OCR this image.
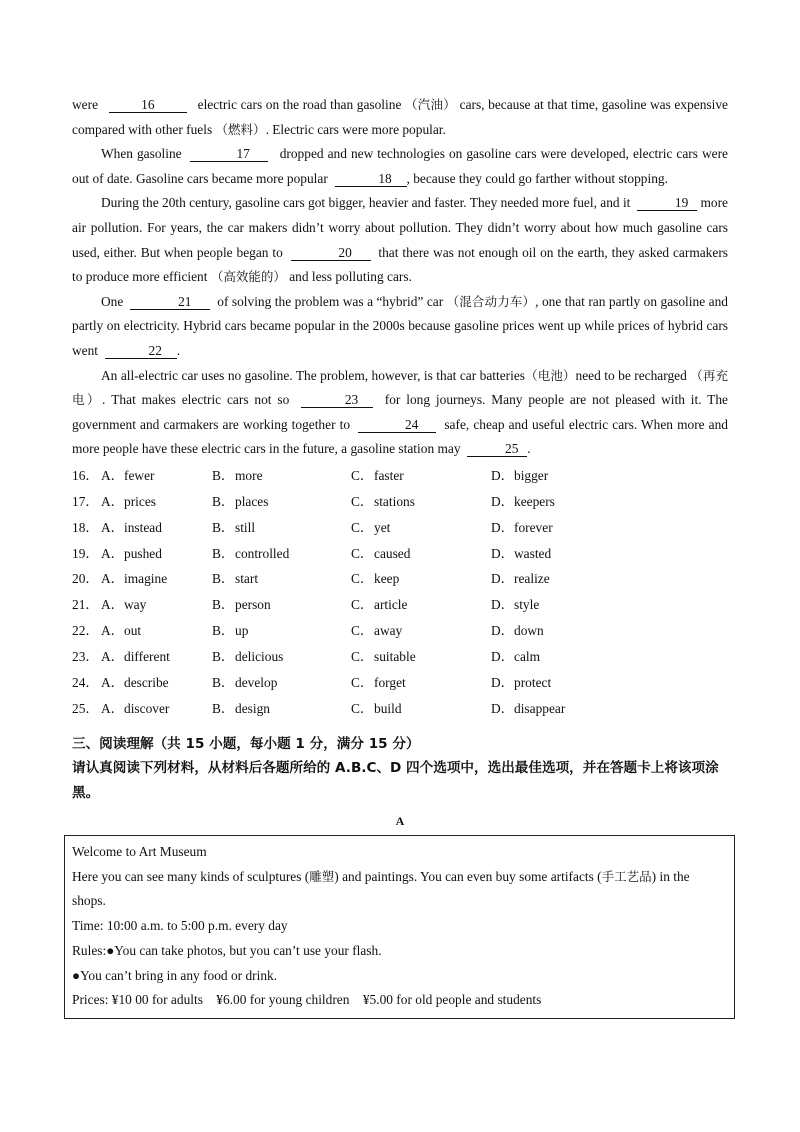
were	16	electric cars on the road than gasoline （汽油） cars, because at that time, gasoline was expensive compared with other fuels （燃料）. Electric cars were more popular.

When gasoline	17 dropped and new technologies on gasoline cars were developed, electric cars were out of date. Gasoline cars became more popular	18 , because they could go farther without stopping.

During the 20th century, gasoline cars got bigger, heavier and faster. They needed more fuel, and it	19 more air pollution. For years, the car makers didn’t worry about pollution. They didn’t worry about how much gasoline cars used, either. But when people began to	20 that there was not enough oil on the earth, they asked carmakers to produce more efficient （高效能的） and less polluting cars.

One	21 of solving the problem was a “hybrid” car （混合动力车）, one that ran partly on gasoline and partly on electricity. Hybrid cars became popular in the 2000s because gasoline prices went up while prices of hybrid cars went	22 .

An all-electric car uses no gasoline. The problem, however, is that car batteries（电池）need to be recharged （再充电）. That makes electric cars not so	23 for long journeys. Many people are not pleased with it. The government and carmakers are working together to	24 safe, cheap and useful electric cars. When more and more people have these electric cars in the future, a gasoline station may	25 .

16． A． fewer	B． more	C． faster	D． bigger
17． A． prices	B． places	C． stations	D． keepers
18． A． instead	B． still	C． yet	D． forever
19． A． pushed	B． controlled	C． caused	D． wasted
20． A． imagine	B． start	C． keep	D． realize
21． A． way	B． person	C． article	D． style
22． A． out	B． up	C． away	D． down
23． A． different	B． delicious	C． suitable	D． calm
24． A． describe	B． develop	C． forget	D． protect
25． A． discover	B． design	C． build	D． disappear
三、阅读理解（共 15 小题，每小题 1 分，满分 15 分）
请认真阅读下列材料，从材料后各题所给的 A.B.C、D 四个选项中，选出最佳选项，并在答题卡上将该项涂黑。
A

Welcome to Art Museum

Here you can see many kinds of sculptures (雕塑) and paintings. You can even buy some artifacts (手工艺品) in the shops.

Time: 10:00 a.m. to 5:00 p.m. every day

Rules:●You can take photos, but you can’t use your flash.

●You can’t bring in any food or drink.

Prices: ¥10 00 for adults    ¥6.00 for young children    ¥5.00 for old people and students
